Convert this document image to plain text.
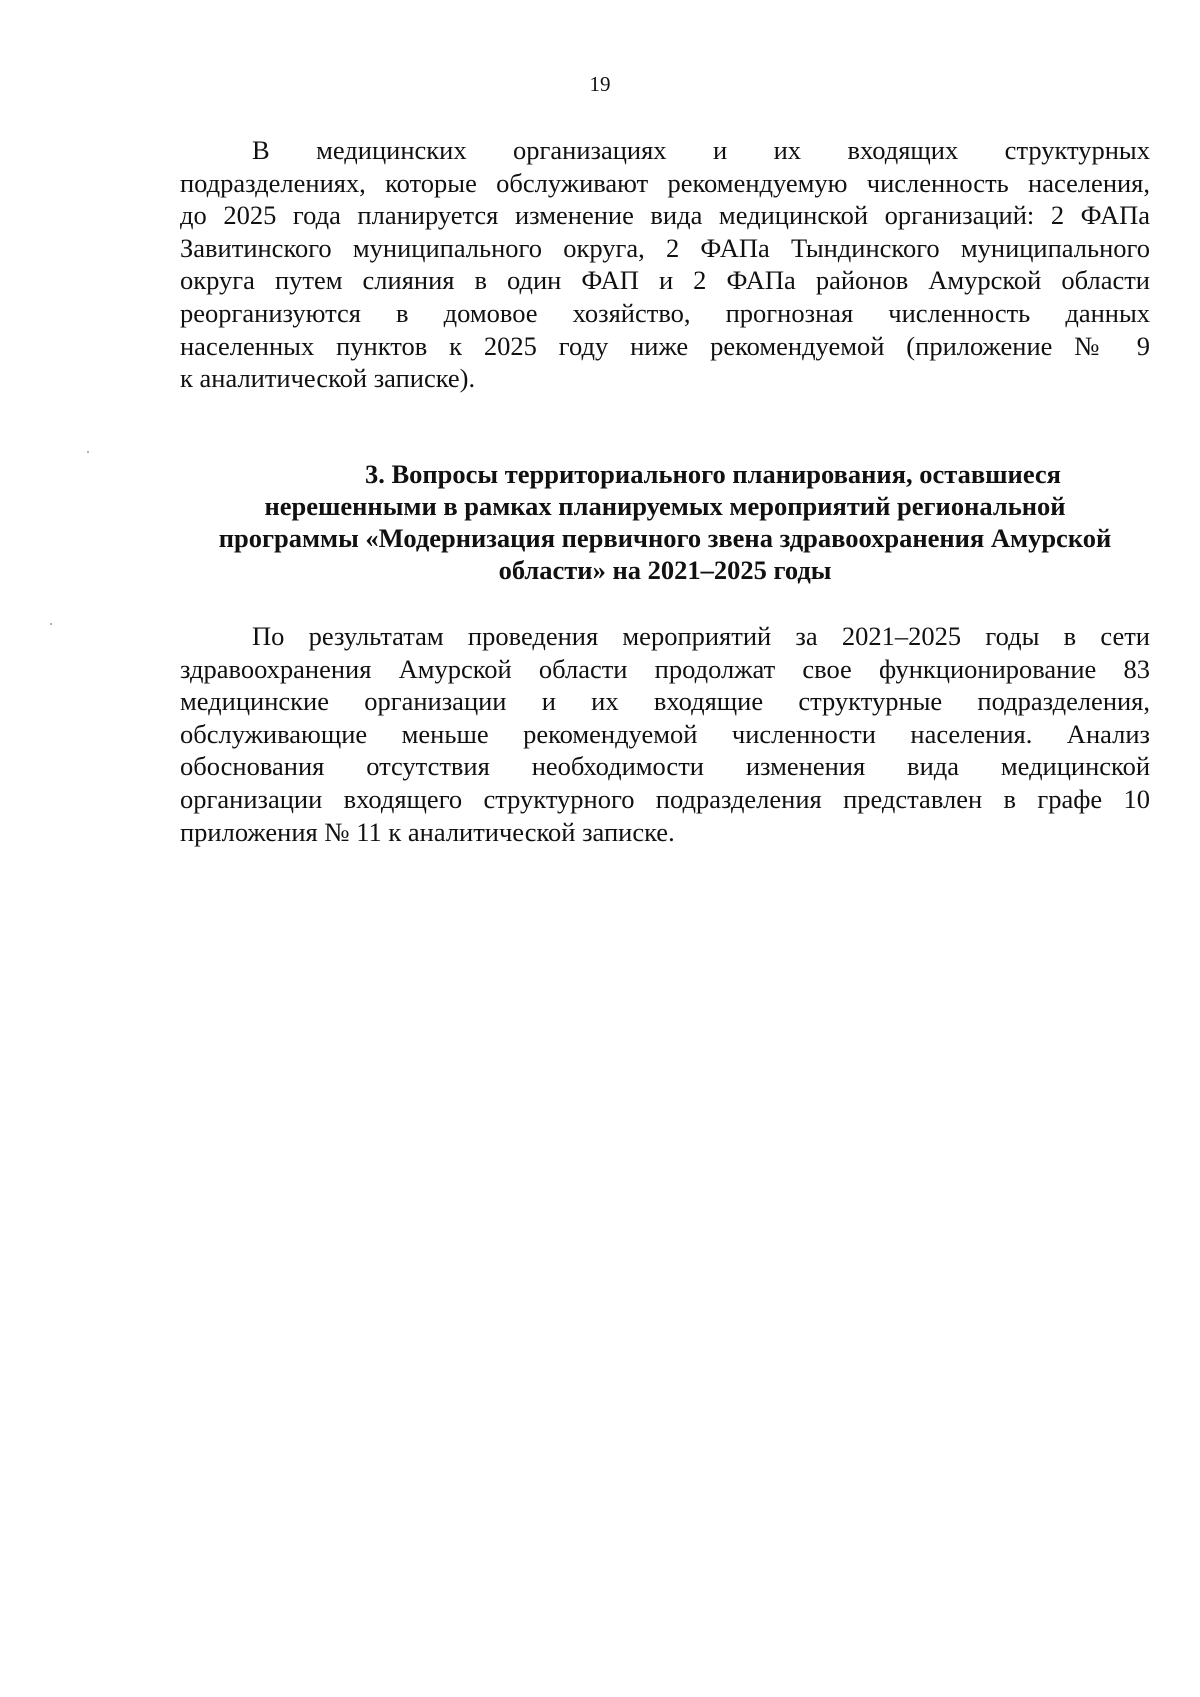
19
В медицинских организациях и их входящих структурных
подразделениях, которые обслуживают рекомендуемую численность населения,
до 2025 года планируется изменение вида медицинской организаций: 2 ФАПа
Завитинского муниципального округа, 2 ФАПа Тындинского муниципального
округа путем слияния в один ФАП и 2 ФАПа районов Амурской области
реорганизуются в домовое хозяйство, прогнозная численность данных
населенных пунктов к 2025 году ниже рекомендуемой (приложение № 9
к аналитической записке).
3. Вопросы территориального планирования, оставшиеся
нерешенными в рамках планируемых мероприятий региональной
программы «Модернизация первичного звена здравоохранения Амурской
области» на 2021–2025 годы
По результатам проведения мероприятий за 2021–2025 годы в сети
здравоохранения Амурской области продолжат свое функционирование 83
медицинские организации и их входящие структурные подразделения,
обслуживающие меньше рекомендуемой численности населения. Анализ
обоснования отсутствия необходимости изменения вида медицинской
организации входящего структурного подразделения представлен в графе 10
приложения № 11 к аналитической записке.
